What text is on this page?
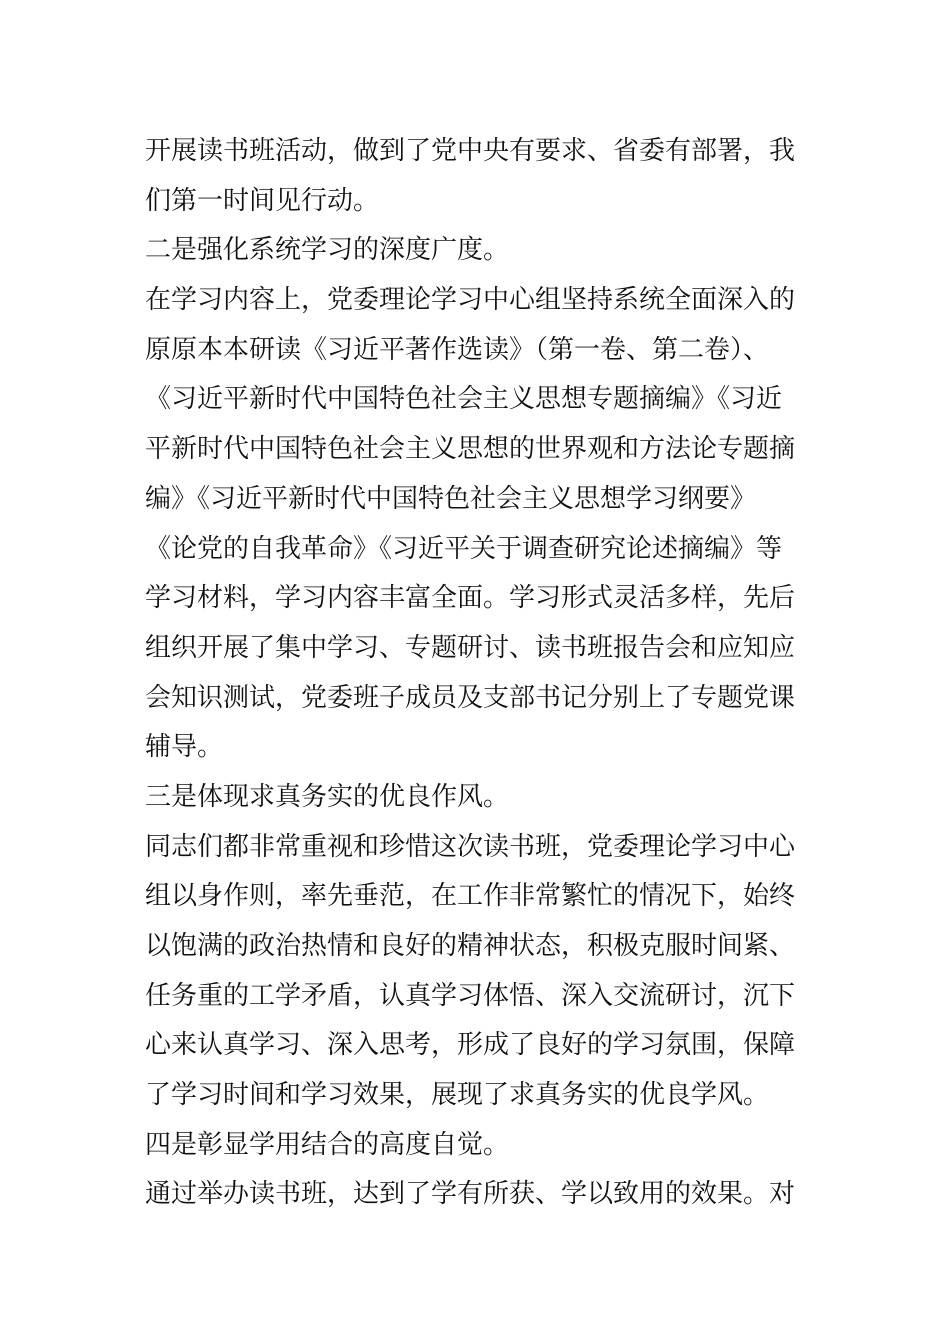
开展读书班活动，做到了党中央有要求、省委有部署，我
们第一时间见行动。
二是强化系统学习的深度广度。
在学习内容上，党委理论学习中心组坚持系统全面深入的
原原本本研读《习近平著作选读》（第一卷、第二卷）、
《习近平新时代中国特色社会主义思想专题摘编》《习近
平新时代中国特色社会主义思想的世界观和方法论专题摘
编》《习近平新时代中国特色社会主义思想学习纲要》
《论党的自我革命》《习近平关于调查研究论述摘编》等
学习材料，学习内容丰富全面。学习形式灵活多样，先后
组织开展了集中学习、专题研讨、读书班报告会和应知应
会知识测试，党委班子成员及支部书记分别上了专题党课
辅导。
三是体现求真务实的优良作风。
同志们都非常重视和珍惜这次读书班，党委理论学习中心
组以身作则，率先垂范，在工作非常繁忙的情况下，始终
以饱满的政治热情和良好的精神状态，积极克服时间紧、
任务重的工学矛盾，认真学习体悟、深入交流研讨，沉下
心来认真学习、深入思考，形成了良好的学习氛围，保障
了学习时间和学习效果，展现了求真务实的优良学风。
四是彰显学用结合的高度自觉。
通过举办读书班，达到了学有所获、学以致用的效果。对
